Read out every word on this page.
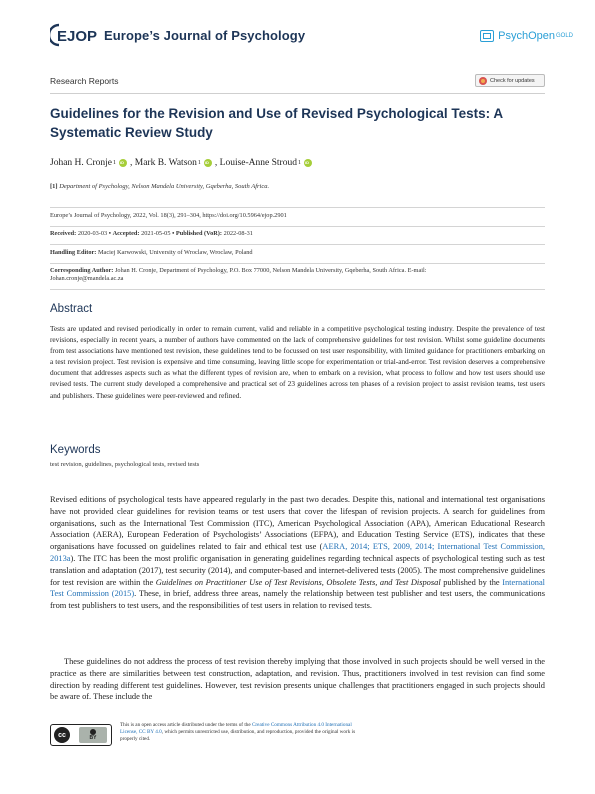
EJOP Europe’s Journal of Psychology	PsychOpen GOLD
Research Reports	Check for updates
Guidelines for the Revision and Use of Revised Psychological Tests: A Systematic Review Study
Johan H. Cronje 1 iD , Mark B. Watson 1 iD , Louise-Anne Stroud 1
iD
[1] Department of Psychology, Nelson Mandela University, Gqeberha, South Africa.
Europe’s Journal of Psychology, 2022, Vol. 18(3), 291–304, https://doi.org/10.5964/ejop.2901
Received: 2020-03-03 • Accepted: 2021-05-05 • Published (VoR): 2022-08-31
Handling Editor: Maciej Karwowski, University of Wroclaw, Wroclaw, Poland
Corresponding Author: Johan H. Cronje, Department of Psychology, P.O. Box 77000, Nelson Mandela University, Gqeberha, South Africa. E-mail:
Johan.cronje@mandela.ac.za
Abstract
Tests are updated and revised periodically in order to remain current, valid and reliable in a competitive psychological testing industry. Despite the prevalence of test revisions, especially in recent years, a number of authors have commented on the lack of comprehensive guidelines for test revision. Whilst some guideline documents from test associations have mentioned test revision, these guidelines tend to be focussed on test user responsibility, with limited guidance for practitioners embarking on a test revision project. Test revision is expensive and time consuming, leaving little scope for experimentation or trial-and-error. Test revision deserves a comprehensive document that addresses aspects such as what the different types of revision are, when to embark on a revision, what process to follow and how test users should use revised tests. The current study developed a comprehensive and practical set of 23 guidelines across ten phases of a revision project to assist revision teams, test users and publishers. These guidelines were peer-reviewed and refined.
Keywords
test revision, guidelines, psychological tests, revised tests
Revised editions of psychological tests have appeared regularly in the past two decades. Despite this, national and international test organisations have not provided clear guidelines for revision teams or test users that cover the lifespan of revision projects. A search for guidelines from organisations, such as the International Test Commission (ITC), American Psychological Association (APA), American Educational Research Association (AERA), European Federation of Psychologists’ Associations (EFPA), and Education Testing Service (ETS), indicates that these organisations have focussed on guidelines related to fair and ethical test use (AERA, 2014; ETS, 2009, 2014; International Test Commission, 2013a). The ITC has been the most prolific organisation in generating guidelines regarding technical aspects of psychological testing such as test translation and adaptation (2017), test security (2014), and computer-based and internet-delivered tests (2005). The most comprehensive guidelines for test revision are within the Guidelines on Practitioner Use of Test Revisions, Obsolete Tests, and Test Disposal published by the International Test Commission (2015). These, in brief, address three areas, namely the relationship between test publisher and test users, the communications from test publishers to test users, and the responsibilities of test users in relation to revised tests.
These guidelines do not address the process of test revision thereby implying that those involved in such projects should be well versed in the practice as there are similarities between test construction, adaptation, and revision. Thus, practitioners involved in test revision can find some direction by reading different test guidelines. However, test revision presents unique challenges that practitioners engaged in such projects should be aware of. These include the
cc	BY
This is an open access article distributed under the terms of the Creative Commons Attribution 4.0 International License, CC BY 4.0, which permits unrestricted use, distribution, and reproduction, provided the original work is properly cited.
